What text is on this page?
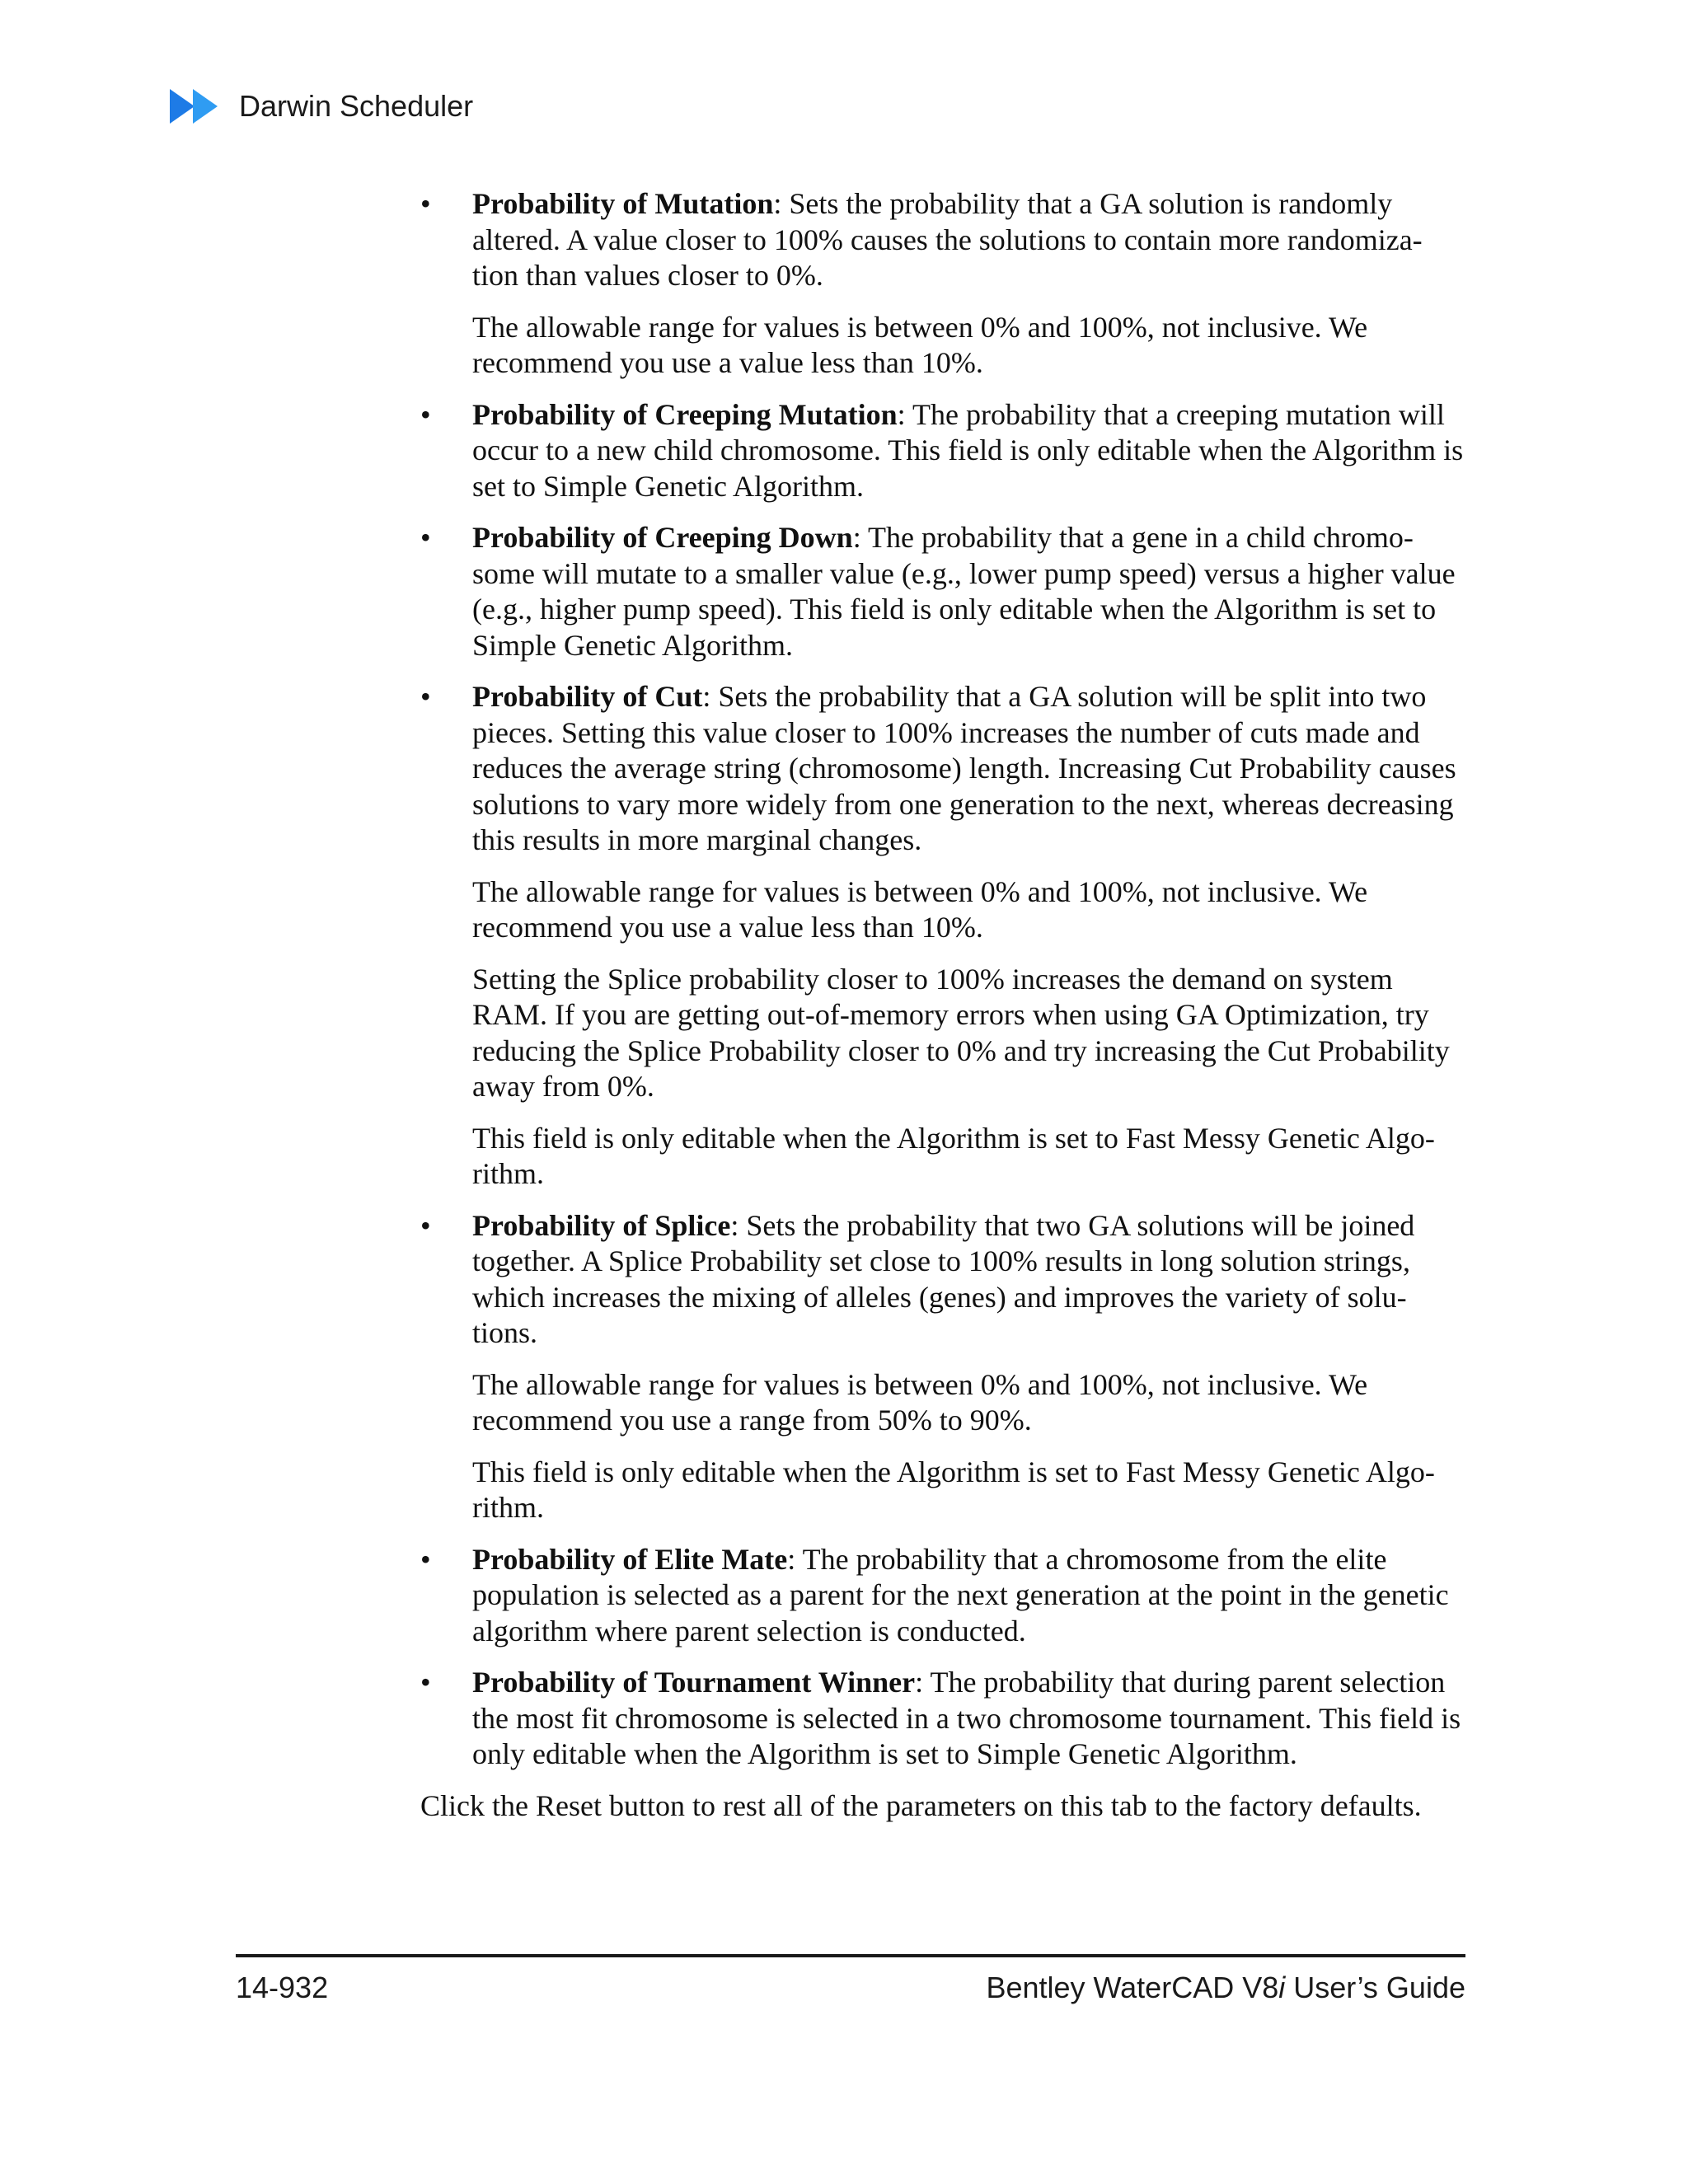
Darwin Scheduler
•	Probability of Mutation: Sets the probability that a GA solution is randomly altered. A value closer to 100% causes the solutions to contain more randomiza-tion than values closer to 0%.

The allowable range for values is between 0% and 100%, not inclusive. We recommend you use a value less than 10%.

•	Probability of Creeping Mutation: The probability that a creeping mutation will occur to a new child chromosome. This field is only editable when the Algorithm is set to Simple Genetic Algorithm.

•	Probability of Creeping Down: The probability that a gene in a child chromo-some will mutate to a smaller value (e.g., lower pump speed) versus a higher value (e.g., higher pump speed). This field is only editable when the Algorithm is set to Simple Genetic Algorithm.

•	Probability of Cut: Sets the probability that a GA solution will be split into two pieces. Setting this value closer to 100% increases the number of cuts made and reduces the average string (chromosome) length. Increasing Cut Probability causes solutions to vary more widely from one generation to the next, whereas decreasing this results in more marginal changes.

The allowable range for values is between 0% and 100%, not inclusive. We recommend you use a value less than 10%.

Setting the Splice probability closer to 100% increases the demand on system RAM. If you are getting out-of-memory errors when using GA Optimization, try reducing the Splice Probability closer to 0% and try increasing the Cut Probability away from 0%.

This field is only editable when the Algorithm is set to Fast Messy Genetic Algo-rithm.

•	Probability of Splice: Sets the probability that two GA solutions will be joined together. A Splice Probability set close to 100% results in long solution strings, which increases the mixing of alleles (genes) and improves the variety of solu-tions.

The allowable range for values is between 0% and 100%, not inclusive. We recommend you use a range from 50% to 90%.

This field is only editable when the Algorithm is set to Fast Messy Genetic Algo-rithm.

•	Probability of Elite Mate: The probability that a chromosome from the elite population is selected as a parent for the next generation at the point in the genetic algorithm where parent selection is conducted.

•	Probability of Tournament Winner: The probability that during parent selection the most fit chromosome is selected in a two chromosome tournament. This field is only editable when the Algorithm is set to Simple Genetic Algorithm.

Click the Reset button to rest all of the parameters on this tab to the factory defaults.

14-932	Bentley WaterCAD V8i User’s Guide
